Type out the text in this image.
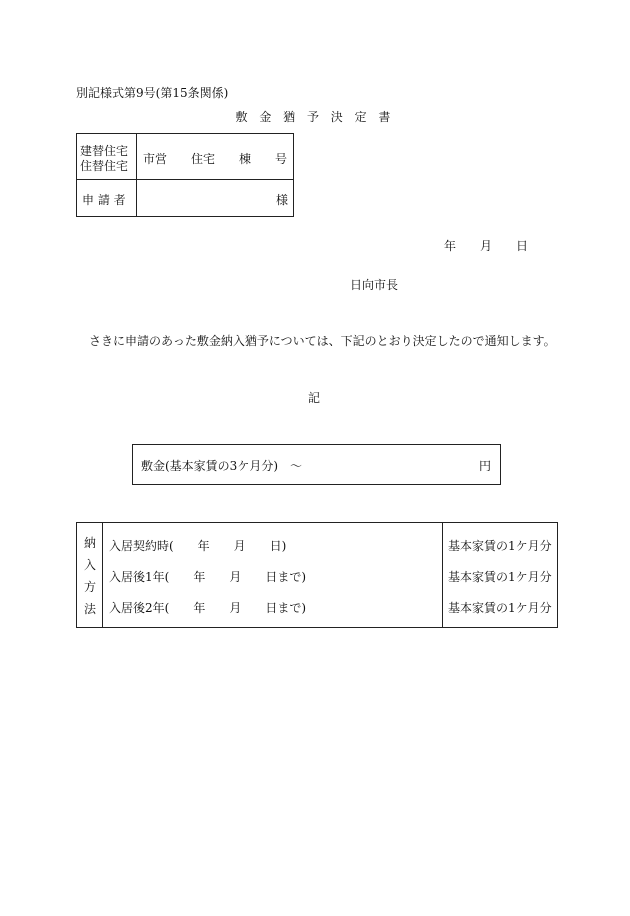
別記様式第9号(第15条関係)
敷 金 猶 予 決 定 書
建替住宅
住替住宅 市営　　住宅　　棟　　号
申 請 者	様
年　　月　　日
日向市長
さきに申請のあった敷金納入猶予については、下記のとおり決定したので通知します。
記
敷金(基本家賃の3ケ月分)　～	円
納
入
方
法
入居契約時(　　年　　月　　日)	基本家賃の1ケ月分
入居後1年(　　年　　月　　日まで)	基本家賃の1ケ月分
入居後2年(　　年　　月　　日まで)	基本家賃の1ケ月分
